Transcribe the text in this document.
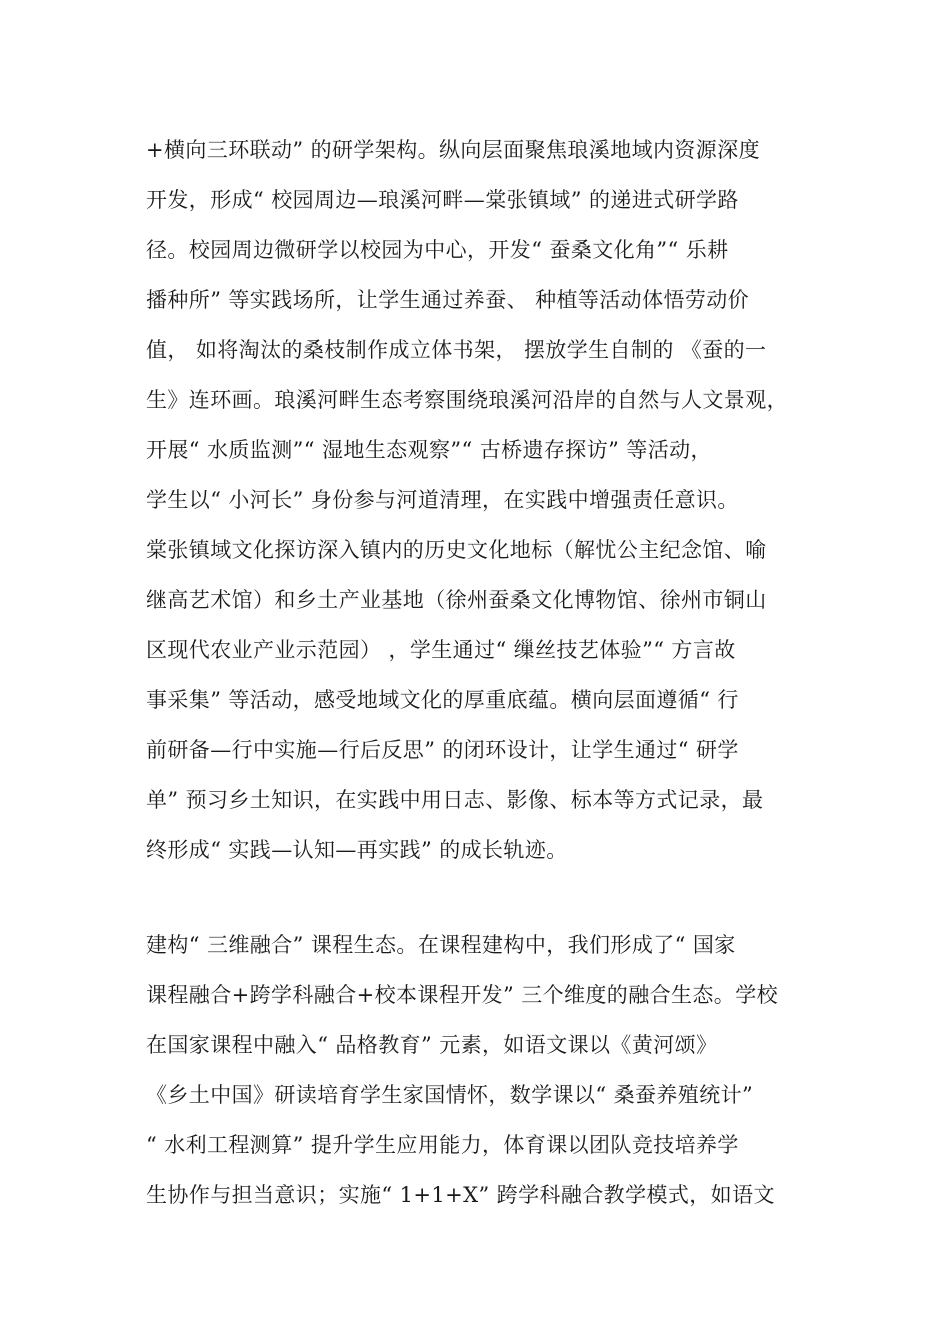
+横向三环联动” 的研学架构。纵向层面聚焦琅溪地域内资源深度
开发，形成“ 校园周边—琅溪河畔—棠张镇域” 的递进式研学路
径。校园周边微研学以校园为中心，开发“ 蚕桑文化角”“ 乐耕
播种所” 等实践场所，让学生通过养蚕、 种植等活动体悟劳动价
值， 如将淘汰的桑枝制作成立体书架， 摆放学生自制的 《蚕的一
生》连环画。琅溪河畔生态考察围绕琅溪河沿岸的自然与人文景观，
开展“ 水质监测”“ 湿地生态观察”“ 古桥遗存探访” 等活动，
学生以“ 小河长” 身份参与河道清理，在实践中增强责任意识。
棠张镇域文化探访深入镇内的历史文化地标（解忧公主纪念馆、喻
继高艺术馆）和乡土产业基地（徐州蚕桑文化博物馆、徐州市铜山
区现代农业产业示范园） ，学生通过“ 缫丝技艺体验”“ 方言故
事采集” 等活动，感受地域文化的厚重底蕴。横向层面遵循“ 行
前研备—行中实施—行后反思” 的闭环设计，让学生通过“ 研学
单” 预习乡土知识，在实践中用日志、影像、标本等方式记录，最
终形成“ 实践—认知—再实践” 的成长轨迹。
建构“ 三维融合” 课程生态。在课程建构中，我们形成了“ 国家
课程融合+跨学科融合+校本课程开发” 三个维度的融合生态。学校
在国家课程中融入“ 品格教育” 元素，如语文课以《黄河颂》
《乡土中国》研读培育学生家国情怀，数学课以“ 桑蚕养殖统计”
“ 水利工程测算” 提升学生应用能力，体育课以团队竞技培养学
生协作与担当意识；实施“ 1+1+X” 跨学科融合教学模式，如语文
